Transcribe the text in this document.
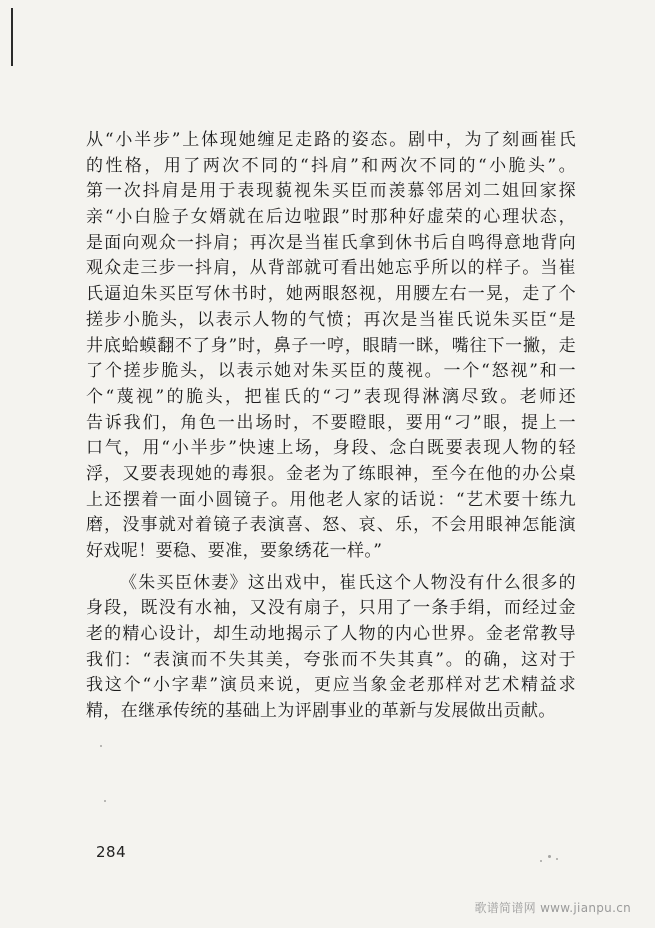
从“小半步”上体现她缠足走路的姿态。剧中，为了刻画崔氏
的性格，用了两次不同的“抖肩”和两次不同的“小脆头”。
第一次抖肩是用于表现藐视朱买臣而羡慕邻居刘二姐回家探
亲“小白脸子女婿就在后边啦跟”时那种好虚荣的心理状态，
是面向观众一抖肩；再次是当崔氏拿到休书后自鸣得意地背向
观众走三步一抖肩，从背部就可看出她忘乎所以的样子。当崔
氏逼迫朱买臣写休书时，她两眼怒视，用腰左右一晃，走了个
搓步小脆头，以表示人物的气愤；再次是当崔氏说朱买臣“是
井底蛤蟆翻不了身”时，鼻子一哼，眼睛一眯，嘴往下一撇，走
了个搓步脆头，以表示她对朱买臣的蔑视。一个“怒视”和一
个“蔑视”的脆头，把崔氏的“刁”表现得淋漓尽致。老师还
告诉我们，角色一出场时，不要瞪眼，要用“刁”眼，提上一
口气，用“小半步”快速上场，身段、念白既要表现人物的轻
浮，又要表现她的毒狠。金老为了练眼神，至今在他的办公桌
上还摆着一面小圆镜子。用他老人家的话说：“艺术要十练九
磨，没事就对着镜子表演喜、怒、哀、乐，不会用眼神怎能演
好戏呢！要稳、要准，要象绣花一样。”
《朱买臣休妻》这出戏中，崔氏这个人物没有什么很多的
身段，既没有水袖，又没有扇子，只用了一条手绢，而经过金
老的精心设计，却生动地揭示了人物的内心世界。金老常教导
我们：“表演而不失其美，夸张而不失其真”。的确，这对于
我这个“小字辈”演员来说，更应当象金老那样对艺术精益求
精，在继承传统的基础上为评剧事业的革新与发展做出贡献。
284
歌谱简谱网 www.jianpu.cn
